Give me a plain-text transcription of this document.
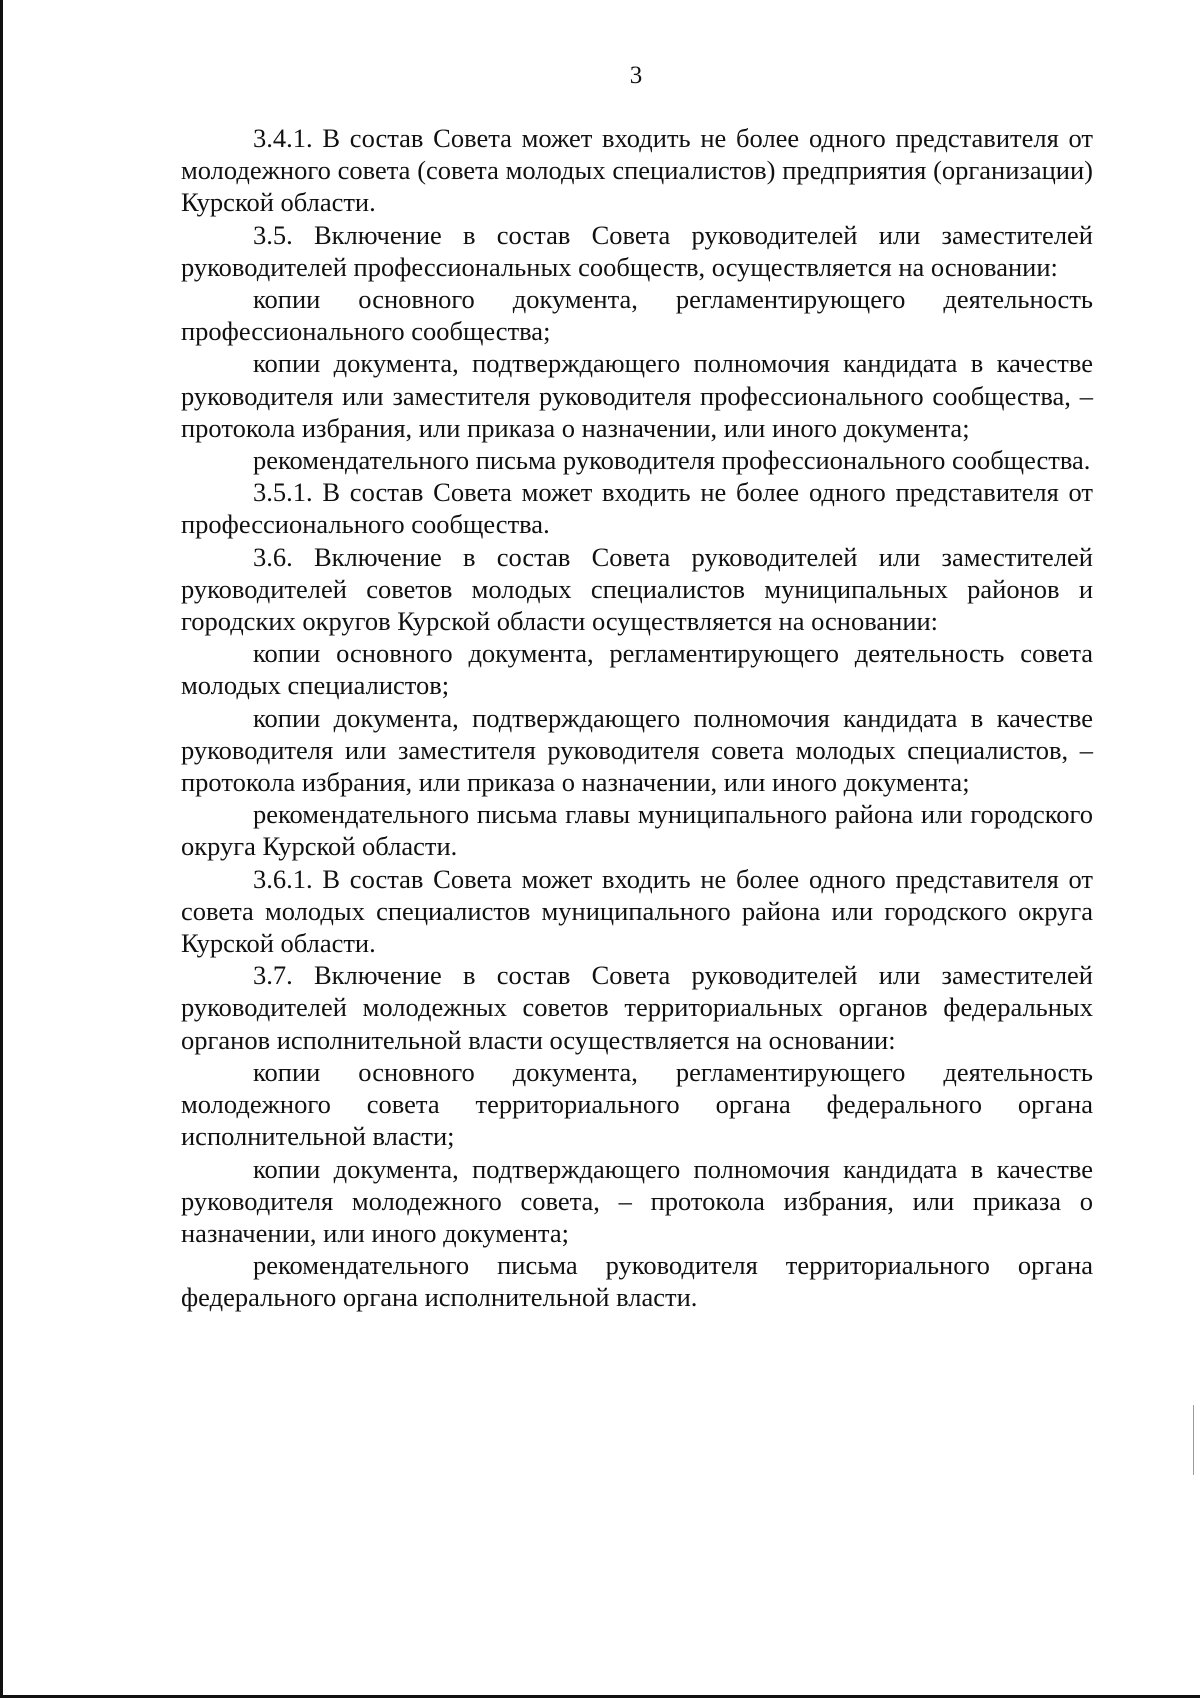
3

3.4.1. В состав Совета может входить не более одного представителя от молодежного совета (совета молодых специалистов) предприятия (организации) Курской области.

3.5. Включение в состав Совета руководителей или заместителей руководителей профессиональных сообществ, осуществляется на основании:

копии основного документа, регламентирующего деятельность профессионального сообщества;

копии документа, подтверждающего полномочия кандидата в качестве руководителя или заместителя руководителя профессионального сообщества, – протокола избрания, или приказа о назначении, или иного документа;

рекомендательного письма руководителя профессионального сообщества.

3.5.1. В состав Совета может входить не более одного представителя от профессионального сообщества.

3.6. Включение в состав Совета руководителей или заместителей руководителей советов молодых специалистов муниципальных районов и городских округов Курской области осуществляется на основании:

копии основного документа, регламентирующего деятельность совета молодых специалистов;

копии документа, подтверждающего полномочия кандидата в качестве руководителя или заместителя руководителя совета молодых специалистов, – протокола избрания, или приказа о назначении, или иного документа;

рекомендательного письма главы муниципального района или городского округа Курской области.

3.6.1. В состав Совета может входить не более одного представителя от совета молодых специалистов муниципального района или городского округа Курской области.

3.7. Включение в состав Совета руководителей или заместителей руководителей молодежных советов территориальных органов федеральных органов исполнительной власти осуществляется на основании:

копии основного документа, регламентирующего деятельность молодежного совета территориального органа федерального органа исполнительной власти;

копии документа, подтверждающего полномочия кандидата в качестве руководителя молодежного совета, – протокола избрания, или приказа о назначении, или иного документа;

рекомендательного письма руководителя территориального органа федерального органа исполнительной власти.
